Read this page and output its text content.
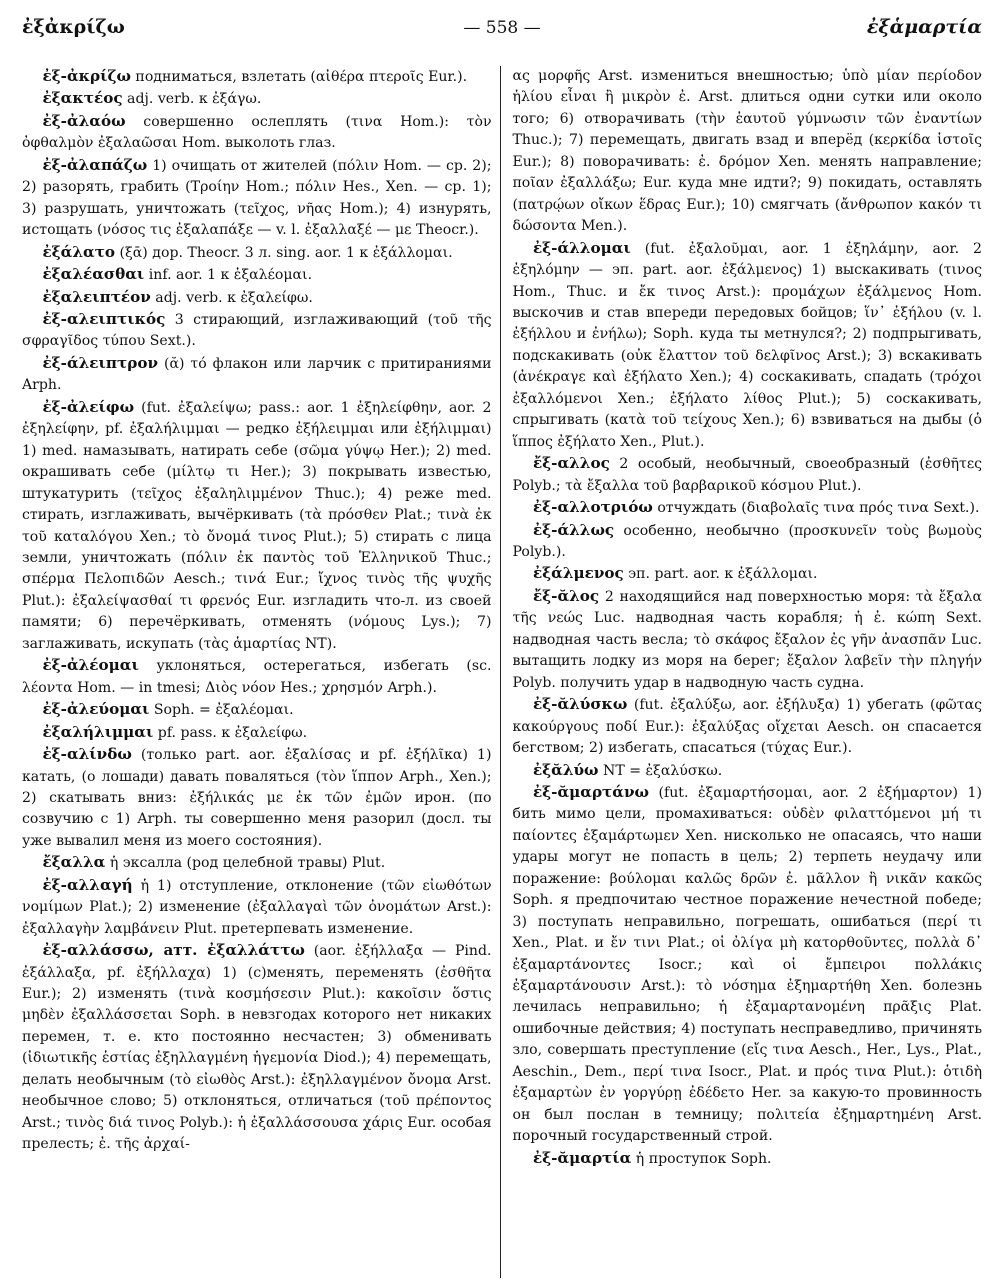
ἐξἀκρίζω	— 558 —	ἐξἁμαρτία

ἐξ-ἀκρίζω подниматься, взлетать (αἰθέρα πτεροῖς Eur.).

ἐξακτέος adj. verb. к ἐξάγω.

ἐξ-ἀλαόω совершенно ослеплять (τινα Hom.): τὸν ὀφθαλμὸν ἐξαλαῶσαι Hom. выколоть глаз.

ἐξ-ἀλαπάζω 1) очищать от жителей (πόλιν Hom. — ср. 2); 2) разорять, грабить (Τροίην Hom.; πόλιν Hes., Xen. — ср. 1); 3) разрушать, уничтожать (τεῖχος, νῆας Hom.); 4) изнурять, истощать (νόσος τις ἐξαλαπάξε — v. l. ἐξαλλαξέ — με Theocr.).

ἐξάλατο (ξᾱ) дор. Theocr. 3 л. sing. aor. 1 к ἐξάλλομαι.

ἐξαλέασθαι inf. aor. 1 к ἐξαλέομαι.

ἐξαλειπτέον adj. verb. к ἐξαλείφω.

ἐξ-αλειπτικός 3 стирающий, изглаживающий (τοῦ τῆς σφραγῖδος τύπου Sext.).

ἐξ-άλειπτρον (ᾰ) τό флакон или ларчик с притираниями Arph.

ἐξ-ἀλείφω (fut. ἐξαλείψω; pass.: aor. 1 ἐξηλείφθην, aor. 2 ἐξηλείφην, pf. ἐξαλήλιμμαι — редко ἐξήλειμμαι или ἐξήλιμμαι) 1) med. намазывать, натирать себе (σῶμα γύψῳ Her.); 2) med. окрашивать себе (μίλτῳ τι Her.); 3) покрывать известью, штукатурить (τεῖχος ἐξαληλιμμένον Thuc.); 4) реже med. стирать, изглаживать, вычёркивать (τὰ πρόσθεν Plat.; τινὰ ἐκ τοῦ καταλόγου Xen.; τὸ ὄνομά τινος Plut.); 5) стирать с лица земли, уничтожать (πόλιν ἐκ παντὸς τοῦ Ἑλληνικοῦ Thuc.; σπέρμα Πελοπιδῶν Aesch.; τινά Eur.; ἴχνος τινὸς τῆς ψυχῆς Plut.): ἐξαλείψασθαί τι φρενός Eur. изгладить что-л. из своей памяти; 6) перечёркивать, отменять (νόμους Lys.); 7) заглаживать, искупать (τὰς ἁμαρτίας NT).

ἐξ-ἀλέομαι уклоняться, остерегаться, избегать (sc. λέοντα Hom. — in tmesi; Διὸς νόον Hes.; χρησμόν Arph.).

ἐξ-ἀλεύομαι Soph. = ἐξαλέομαι.

ἐξαλήλιμμαι pf. pass. к ἐξαλείφω.

ἐξ-αλίνδω (только part. aor. ἐξαλίσας и pf. ἐξήλῖκα) 1) катать, (о лошади) давать поваляться (τὸν ἵππον Arph., Xen.); 2) скатывать вниз: ἐξήλικάς με ἐκ τῶν ἐμῶν ирон. (по созвучию с 1) Arph. ты совершенно меня разорил (досл. ты уже вывалил меня из моего состояния).

ἔξαλλα ἡ эксалла (род целебной травы) Plut.

ἐξ-αλλαγή ἡ 1) отступление, отклонение (τῶν εἰωθότων νομίμων Plat.); 2) изменение (ἐξαλλαγαὶ τῶν ὀνομάτων Arst.): ἐξαλλαγὴν λαμβάνειν Plut. претерпевать изменение.

ἐξ-αλλάσσω, атт. ἐξαλλάττω (aor. ἐξήλλαξα — Pind. ἐξάλλαξα, pf. ἐξήλλαχα) 1) (с)менять, переменять (ἐσθῆτα Eur.); 2) изменять (τινὰ κοσμήσεσιν Plut.): κακοῖσιν ὅστις μηδὲν ἐξαλλάσσεται Soph. в невзгодах которого нет никаких перемен, т. е. кто постоянно несчастен; 3) обменивать (ἰδιωτικῆς ἑστίας ἐξηλλαγμένη ἡγεμονία Diod.); 4) перемещать, делать необычным (τὸ εἰωθὸς Arst.): ἐξηλλαγμένον ὄνομα Arst. необычное слово; 5) отклоняться, отличаться (τοῦ πρέποντος Arst.; τινὸς διά τινος Polyb.): ἡ ἐξαλλάσσουσα χάρις Eur. особая прелесть; ἐ. τῆς ἀρχαί-

ας μορφῆς Arst. измениться внешностью; ὑπὸ μίαν περίοδον ἡλίου εἶναι ἢ μικρὸν ἐ. Arst. длиться одни сутки или около того; 6) отворачивать (τὴν ἑαυτοῦ γύμνωσιν τῶν ἐναντίων Thuc.); 7) перемещать, двигать взад и вперёд (κερκίδα ἱστοῖς Eur.); 8) поворачивать: ἐ. δρόμον Xen. менять направление; ποῖαν ἐξαλλάξω; Eur. куда мне идти?; 9) покидать, оставлять (πατρῴων οἴκων ἕδρας Eur.); 10) смягчать (ἄνθρωπον κακόν τι δώσοντα Men.).

ἐξ-άλλομαι (fut. ἐξαλοῦμαι, aor. 1 ἐξηλάμην, aor. 2 ἐξηλόμην — эп. part. aor. ἐξάλμενος) 1) выскакивать (τινος Hom., Thuc. и ἔκ τινος Arst.): προμάχων ἐξάλμενος Hom. выскочив и став впереди передовых бойцов; ἵν᾽ ἐξήλου (v. l. ἐξήλλου и ἐνήλω); Soph. куда ты метнулся?; 2) подпрыгивать, подскакивать (οὐκ ἔλαττον τοῦ δελφῖνος Arst.); 3) вскакивать (ἀνέκραγε καὶ ἐξήλατο Xen.); 4) соскакивать, спадать (τρόχοι ἐξαλλόμενοι Xen.; ἐξήλατο λίθος Plut.); 5) соскакивать, спрыгивать (κατὰ τοῦ τείχους Xen.); 6) взвиваться на дыбы (ὁ ἵππος ἐξήλατο Xen., Plut.).

ἔξ-αλλος 2 особый, необычный, своеобразный (ἐσθῆτες Polyb.; τὰ ἔξαλλα τοῦ βαρβαρικοῦ κόσμου Plut.).

ἐξ-αλλοτριόω отчуждать (διαβολαῖς τινα πρός τινα Sext.).

ἐξ-άλλως особенно, необычно (προσκυνεῖν τοὺς βωμοὺς Polyb.).

ἐξάλμενος эп. part. aor. к ἐξάλλομαι.

ἔξ-ᾰλος 2 находящийся над поверхностью моря: τὰ ἔξαλα τῆς νεώς Luc. надводная часть корабля; ἡ ἐ. κώπη Sext. надводная часть весла; τὸ σκάφος ἔξαλον ἐς γῆν ἀνασπᾶν Luc. вытащить лодку из моря на берег; ἔξαλον λαβεῖν τὴν πληγήν Polyb. получить удар в надводную часть судна.

ἐξ-ᾰλύσκω (fut. ἐξαλύξω, aor. ἐξήλυξα) 1) убегать (φῶτας κακούργους ποδί Eur.): ἐξαλύξας οἴχεται Aesch. он спасается бегством; 2) избегать, спасаться (τύχας Eur.).

ἐξᾰλύω NT = ἐξαλύσκω.

ἐξ-ᾰμαρτάνω (fut. ἐξαμαρτήσομαι, aor. 2 ἐξήμαρτον) 1) бить мимо цели, промахиваться: οὐδὲν φιλαττόμενοι μή τι παίοντες ἐξαμάρτωμεν Xen. нисколько не опасаясь, что наши удары могут не попасть в цель; 2) терпеть неудачу или поражение: βούλομαι καλῶς δρῶν ἐ. μᾶλλον ἢ νικᾶν κακῶς Soph. я предпочитаю честное поражение нечестной победе; 3) поступать неправильно, погрешать, ошибаться (περί τι Xen., Plat. и ἔν τινι Plat.; οἱ ὀλίγα μὴ κατορθοῦντες, πολλὰ δ᾽ ἐξαμαρτάνοντες Isocr.; καὶ οἱ ἔμπειροι πολλάκις ἐξαμαρτάνουσιν Arst.): τὸ νόσημα ἐξημαρτήθη Xen. болезнь лечилась неправильно; ἡ ἐξαμαρτανομένη πρᾶξις Plat. ошибочные действия; 4) поступать несправедливо, причинять зло, совершать преступление (εἴς τινα Aesch., Her., Lys., Plat., Aeschin., Dem., περί τινα Isocr., Plat. и πρός τινα Plut.): ὁτιδὴ ἐξαμαρτὼν ἐν γοργύρῃ ἐδέδετο Her. за какую-то провинность он был послан в темницу; πολιτεία ἐξημαρτημένη Arst. порочный государственный строй.

ἐξ-ᾰμαρτία ἡ проступок Soph.
